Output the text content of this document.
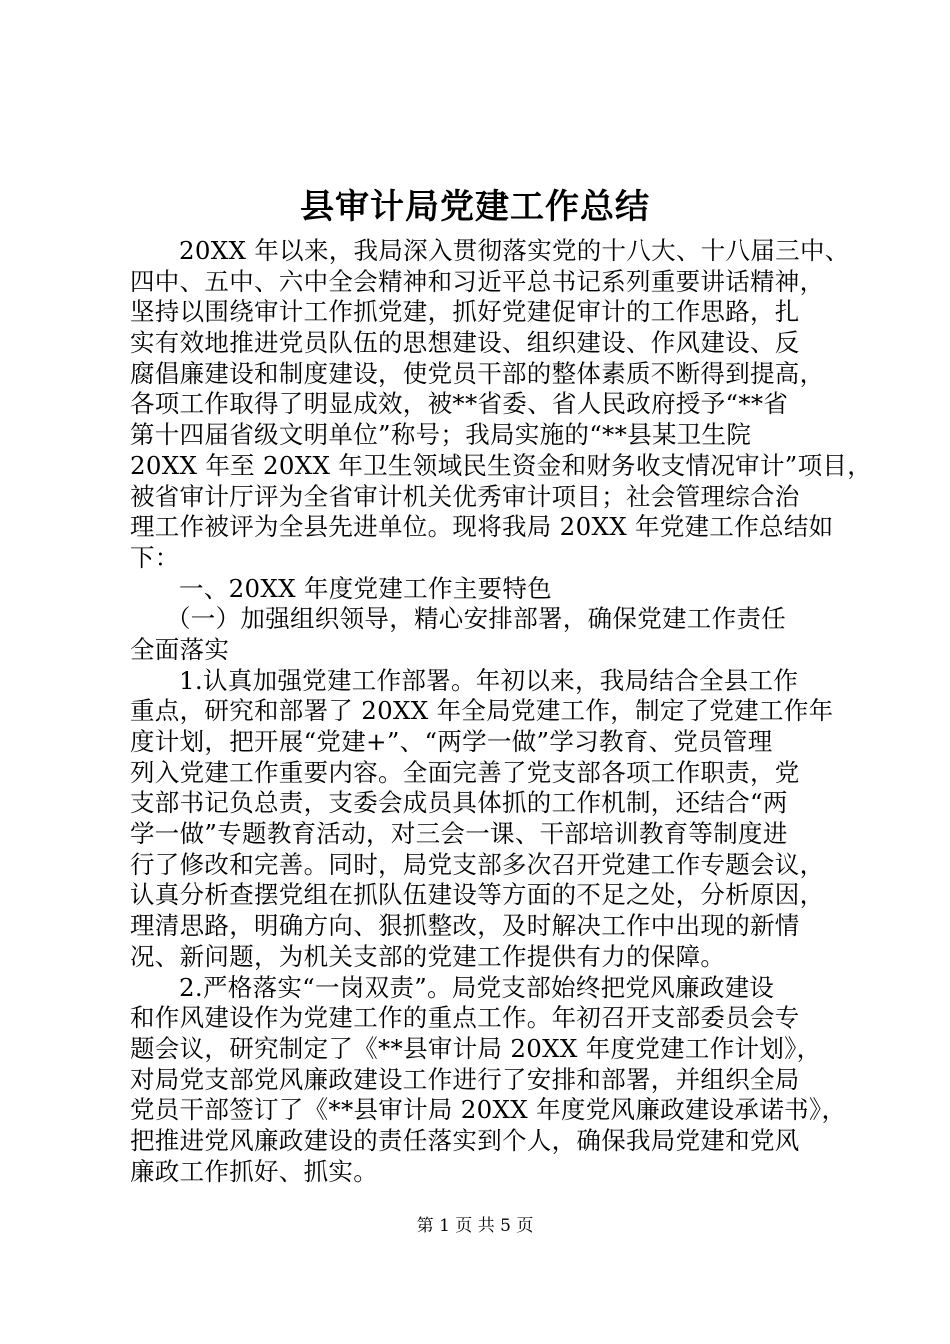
县审计局党建工作总结
20XX 年以来，我局深入贯彻落实党的十八大、十八届三中、
四中、五中、六中全会精神和习近平总书记系列重要讲话精神，
坚持以围绕审计工作抓党建，抓好党建促审计的工作思路，扎
实有效地推进党员队伍的思想建设、组织建设、作风建设、反
腐倡廉建设和制度建设，使党员干部的整体素质不断得到提高，
各项工作取得了明显成效，被**省委、省人民政府授予“**省
第十四届省级文明单位”称号；我局实施的“**县某卫生院
20XX 年至 20XX 年卫生领域民生资金和财务收支情况审计”项目，
被省审计厅评为全省审计机关优秀审计项目；社会管理综合治
理工作被评为全县先进单位。现将我局 20XX 年党建工作总结如
下：
一、20XX 年度党建工作主要特色
（一）加强组织领导，精心安排部署，确保党建工作责任
全面落实
1.认真加强党建工作部署。年初以来，我局结合全县工作
重点，研究和部署了 20XX 年全局党建工作，制定了党建工作年
度计划，把开展“党建+”、“两学一做”学习教育、党员管理
列入党建工作重要内容。全面完善了党支部各项工作职责，党
支部书记负总责，支委会成员具体抓的工作机制，还结合“两
学一做”专题教育活动，对三会一课、干部培训教育等制度进
行了修改和完善。同时，局党支部多次召开党建工作专题会议，
认真分析查摆党组在抓队伍建设等方面的不足之处，分析原因，
理清思路，明确方向、狠抓整改，及时解决工作中出现的新情
况、新问题，为机关支部的党建工作提供有力的保障。
2.严格落实“一岗双责”。局党支部始终把党风廉政建设
和作风建设作为党建工作的重点工作。年初召开支部委员会专
题会议，研究制定了《**县审计局 20XX 年度党建工作计划》，
对局党支部党风廉政建设工作进行了安排和部署，并组织全局
党员干部签订了《**县审计局 20XX 年度党风廉政建设承诺书》，
把推进党风廉政建设的责任落实到个人，确保我局党建和党风
廉政工作抓好、抓实。
第 1 页 共 5 页
